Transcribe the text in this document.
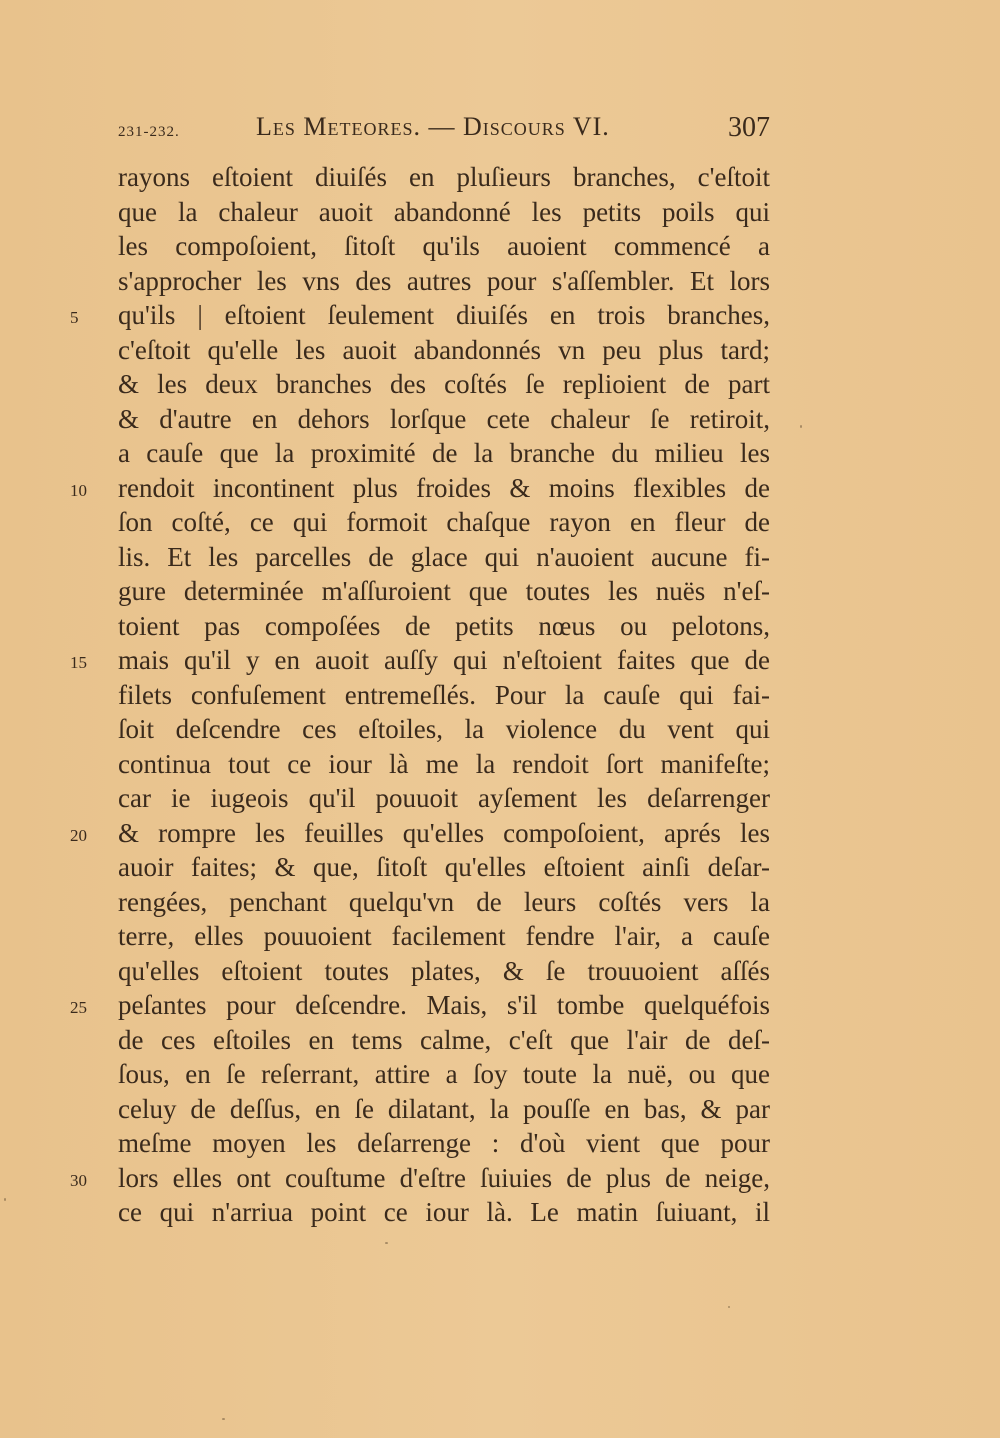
231-232.	Les Meteores. — Discours VI.	307
rayons eſtoient diuiſés en pluſieurs branches, c'eſtoit
que la chaleur auoit abandonné les petits poils qui
les compoſoient, ſitoſt qu'ils auoient commencé a
s'approcher les vns des autres pour s'aſſembler. Et lors
5	qu'ils | eſtoient ſeulement diuiſés en trois branches,
c'eſtoit qu'elle les auoit abandonnés vn peu plus tard;
& les deux branches des coſtés ſe replioient de part
& d'autre en dehors lorſque cete chaleur ſe retiroit,
a cauſe que la proximité de la branche du milieu les
10	rendoit incontinent plus froides & moins flexibles de
ſon coſté, ce qui formoit chaſque rayon en fleur de
lis. Et les parcelles de glace qui n'auoient aucune fi-
gure determinée m'aſſuroient que toutes les nuës n'eſ-
toient pas compoſées de petits nœus ou pelotons,
15	mais qu'il y en auoit auſſy qui n'eſtoient faites que de
filets confuſement entremeſlés. Pour la cauſe qui fai-
ſoit deſcendre ces eſtoiles, la violence du vent qui
continua tout ce iour là me la rendoit ſort manifeſte;
car ie iugeois qu'il pouuoit ayſement les deſarrenger
20	& rompre les feuilles qu'elles compoſoient, aprés les
auoir faites; & que, ſitoſt qu'elles eſtoient ainſi deſar-
rengées, penchant quelqu'vn de leurs coſtés vers la
terre, elles pouuoient facilement fendre l'air, a cauſe
qu'elles eſtoient toutes plates, & ſe trouuoient aſſés
25	peſantes pour deſcendre. Mais, s'il tombe quelquéfois
de ces eſtoiles en tems calme, c'eſt que l'air de deſ-
ſous, en ſe reſerrant, attire a ſoy toute la nuë, ou que
celuy de deſſus, en ſe dilatant, la pouſſe en bas, & par
meſme moyen les deſarrenge : d'où vient que pour
30	lors elles ont couſtume d'eſtre ſuiuies de plus de neige,
ce qui n'arriua point ce iour là. Le matin ſuiuant, il
